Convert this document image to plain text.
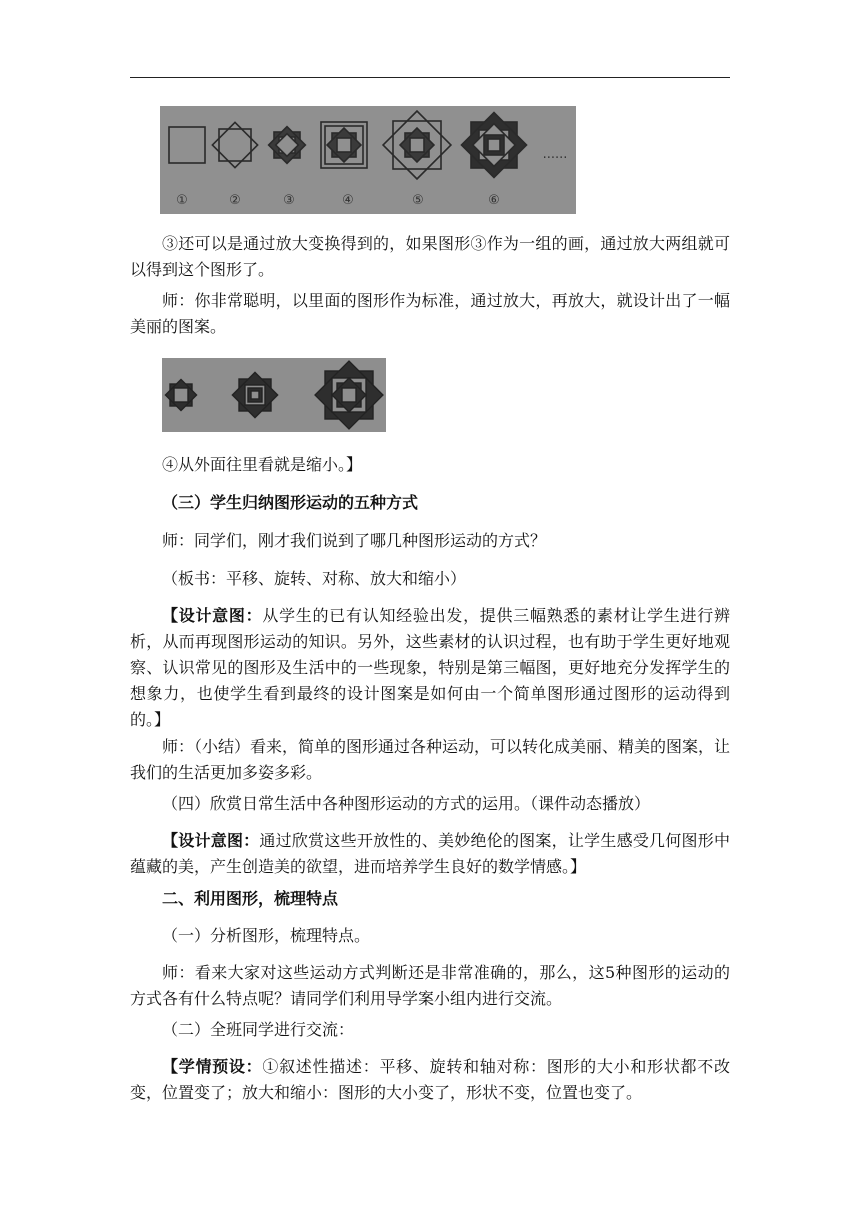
①	②	③	④	⑤	⑥
......
③还可以是通过放大变换得到的，如果图形③作为一组的画，通过放大两组就可以得到这个图形了。
师：你非常聪明，以里面的图形作为标准，通过放大，再放大，就设计出了一幅美丽的图案。
④从外面往里看就是缩小。】
（三）学生归纳图形运动的五种方式
师：同学们，刚才我们说到了哪几种图形运动的方式？
（板书：平移、旋转、对称、放大和缩小）
【设计意图：从学生的已有认知经验出发，提供三幅熟悉的素材让学生进行辨析，从而再现图形运动的知识。另外，这些素材的认识过程，也有助于学生更好地观察、认识常见的图形及生活中的一些现象，特别是第三幅图，更好地充分发挥学生的想象力，也使学生看到最终的设计图案是如何由一个简单图形通过图形的运动得到的。】
师：（小结）看来，简单的图形通过各种运动，可以转化成美丽、精美的图案，让我们的生活更加多姿多彩。
（四）欣赏日常生活中各种图形运动的方式的运用。（课件动态播放）
【设计意图：通过欣赏这些开放性的、美妙绝伦的图案，让学生感受几何图形中蕴藏的美，产生创造美的欲望，进而培养学生良好的数学情感。】
二、利用图形，梳理特点
（一）分析图形，梳理特点。
师：看来大家对这些运动方式判断还是非常准确的，那么，这5种图形的运动的方式各有什么特点呢？请同学们利用导学案小组内进行交流。
（二）全班同学进行交流：
【学情预设：①叙述性描述：平移、旋转和轴对称：图形的大小和形状都不改变，位置变了；放大和缩小：图形的大小变了，形状不变，位置也变了。
